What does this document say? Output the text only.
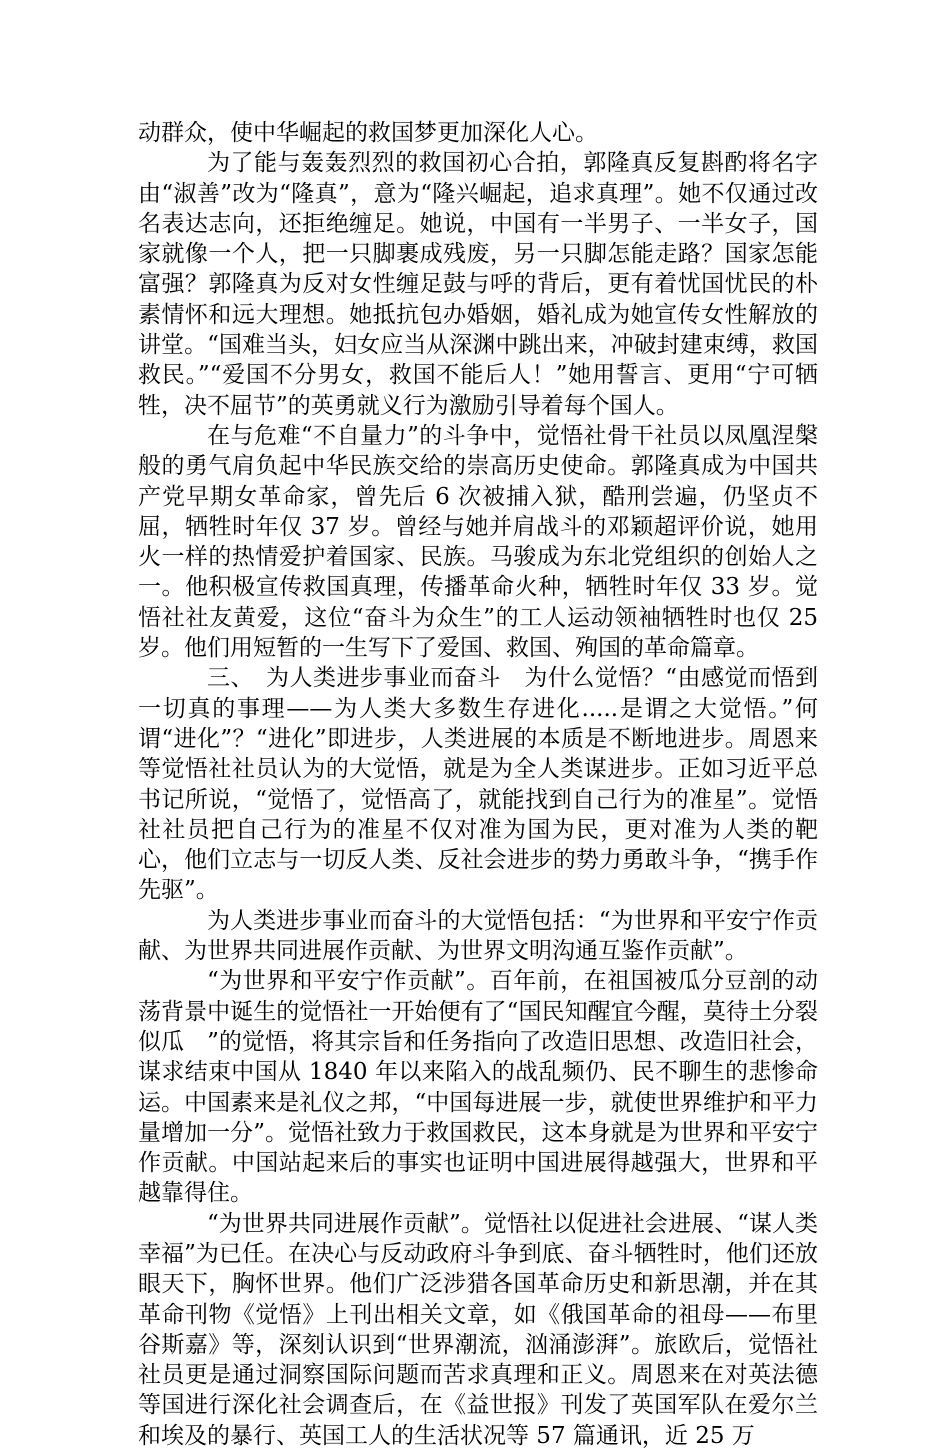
动群众，使中华崛起的救国梦更加深化人心。

为了能与轰轰烈烈的救国初心合拍，郭隆真反复斟酌将名字由“淑善”改为“隆真”，意为“隆兴崛起，追求真理”。她不仅通过改名表达志向，还拒绝缠足。她说，中国有一半男子、一半女子，国家就像一个人，把一只脚裹成残废，另一只脚怎能走路？国家怎能富强？郭隆真为反对女性缠足鼓与呼的背后，更有着忧国忧民的朴素情怀和远大理想。她抵抗包办婚姻，婚礼成为她宣传女性解放的讲堂。“国难当头，妇女应当从深渊中跳出来，冲破封建束缚，救国救民。”“爱国不分男女，救国不能后人！”她用誓言、更用“宁可牺牲，决不屈节”的英勇就义行为激励引导着每个国人。

在与危难“不自量力”的斗争中，觉悟社骨干社员以凤凰涅槃般的勇气肩负起中华民族交给的崇高历史使命。郭隆真成为中国共产党早期女革命家，曾先后 6 次被捕入狱，酷刑尝遍，仍坚贞不屈，牺牲时年仅 37 岁。曾经与她并肩战斗的邓颖超评价说，她用火一样的热情爱护着国家、民族。马骏成为东北党组织的创始人之一。他积极宣传救国真理，传播革命火种，牺牲时年仅 33 岁。觉悟社社友黄爱，这位“奋斗为众生”的工人运动领袖牺牲时也仅 25 岁。他们用短暂的一生写下了爱国、救国、殉国的革命篇章。

三、　为人类进步事业而奋斗　为什么觉悟？“由感觉而悟到一切真的事理——为人类大多数生存进化.....是谓之大觉悟。”何谓“进化”？“进化”即进步，人类进展的本质是不断地进步。周恩来等觉悟社社员认为的大觉悟，就是为全人类谋进步。正如习近平总书记所说，“觉悟了，觉悟高了，就能找到自己行为的准星”。觉悟社社员把自己行为的准星不仅对准为国为民，更对准为人类的靶心，他们立志与一切反人类、反社会进步的势力勇敢斗争，“携手作先驱”。

为人类进步事业而奋斗的大觉悟包括：“为世界和平安宁作贡献、为世界共同进展作贡献、为世界文明沟通互鉴作贡献”。

“为世界和平安宁作贡献”。百年前，在祖国被瓜分豆剖的动荡背景中诞生的觉悟社一开始便有了“国民知醒宜今醒，莫待土分裂似瓜　”的觉悟，将其宗旨和任务指向了改造旧思想、改造旧社会，谋求结束中国从 1840 年以来陷入的战乱频仍、民不聊生的悲惨命运。中国素来是礼仪之邦，“中国每进展一步，就使世界维护和平力量增加一分”。觉悟社致力于救国救民，这本身就是为世界和平安宁作贡献。中国站起来后的事实也证明中国进展得越强大，世界和平越靠得住。

“为世界共同进展作贡献”。觉悟社以促进社会进展、“谋人类幸福”为已任。在决心与反动政府斗争到底、奋斗牺牲时，他们还放眼天下，胸怀世界。他们广泛涉猎各国革命历史和新思潮，并在其革命刊物《觉悟》上刊出相关文章，如《俄国革命的祖母——布里谷斯嘉》等，深刻认识到“世界潮流，汹涌澎湃”。旅欧后，觉悟社社员更是通过洞察国际问题而苦求真理和正义。周恩来在对英法德等国进行深化社会调查后，在《益世报》刊发了英国军队在爱尔兰和埃及的暴行、英国工人的生活状况等 57 篇通讯，近 25 万
